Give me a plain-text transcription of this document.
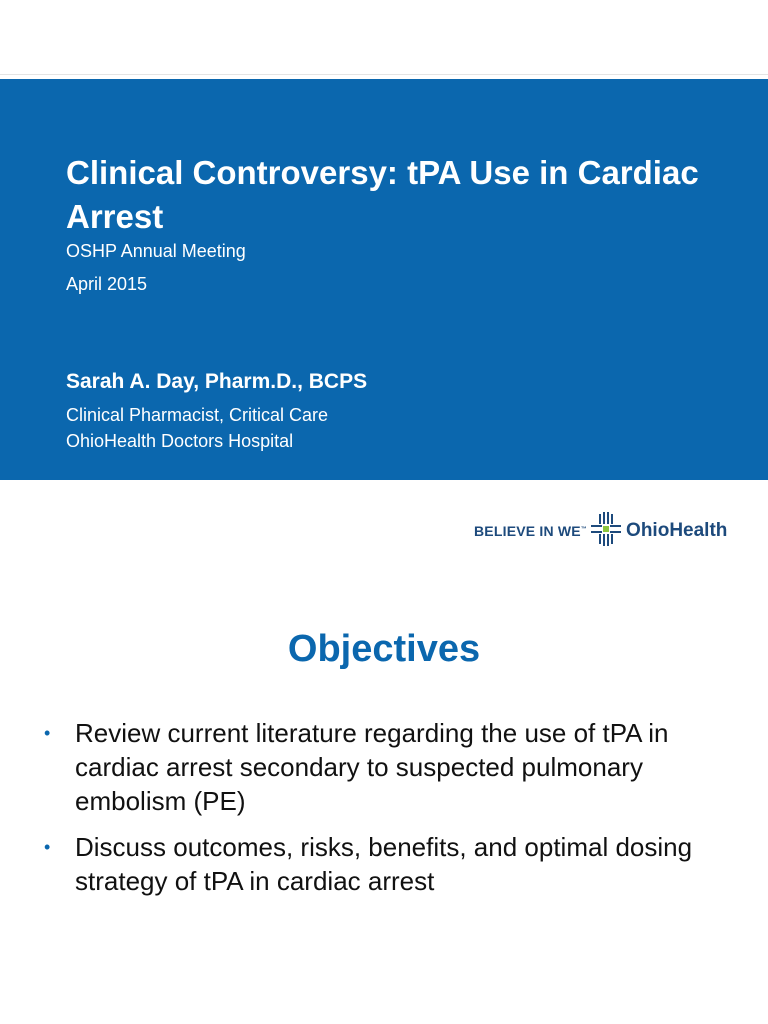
Clinical Controversy: tPA Use in Cardiac Arrest
OSHP Annual Meeting
April 2015
Sarah A. Day, Pharm.D., BCPS
Clinical Pharmacist, Critical Care
OhioHealth Doctors Hospital
BELIEVE IN WE™ OhioHealth
Objectives
• Review current literature regarding the use of tPA in cardiac arrest secondary to suspected pulmonary embolism (PE)
• Discuss outcomes, risks, benefits, and optimal dosing strategy of tPA in cardiac arrest
